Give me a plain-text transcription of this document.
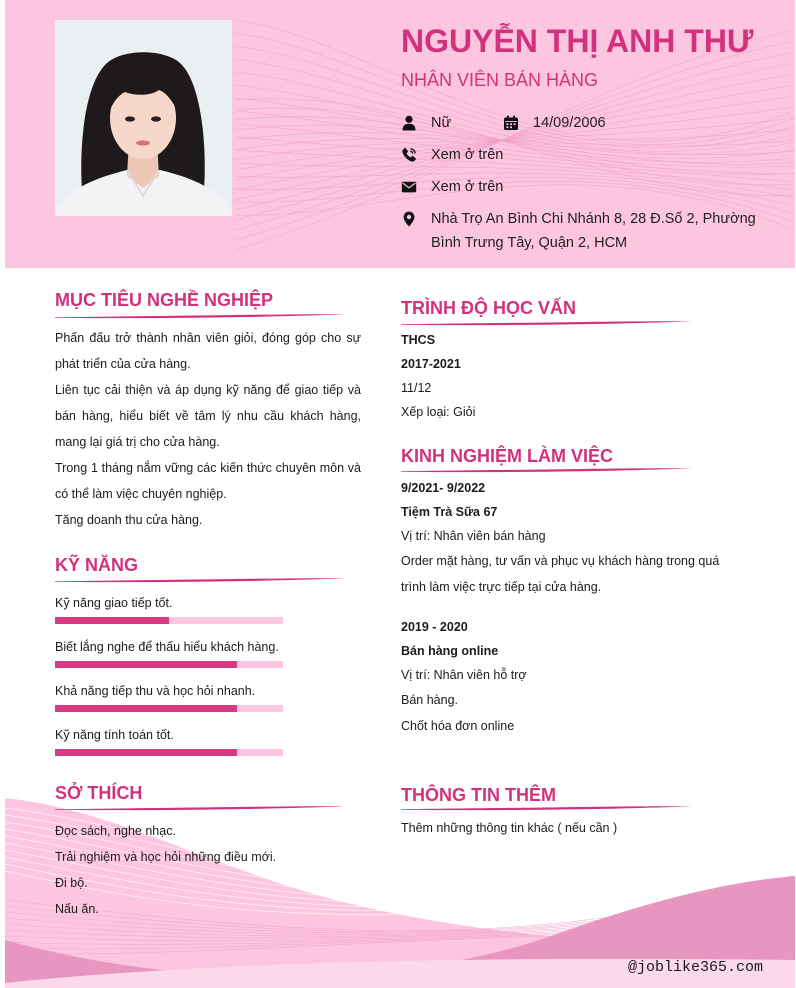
NGUYỄN THỊ ANH THƯ
NHÂN VIÊN BÁN HÀNG
Nữ	14/09/2006
Xem ở trên
Xem ở trên
Nhà Trọ An Bình Chi Nhánh 8, 28 Đ.Số 2, Phường Bình Trưng Tây, Quận 2, HCM
MỤC TIÊU NGHỀ NGHIỆP

Phấn đấu trở thành nhân viên giỏi, đóng góp cho sự phát triển của cửa hàng.

Liên tục cải thiện và áp dụng kỹ năng để giao tiếp và bán hàng, hiểu biết về tâm lý nhu cầu khách hàng, mang lại giá trị cho cửa hàng.

Trong 1 tháng nắm vững các kiến thức chuyên môn và có thể làm việc chuyên nghiệp.

Tăng doanh thu cửa hàng.

KỸ NĂNG
Kỹ năng giao tiếp tốt.
Biết lắng nghe để thấu hiểu khách hàng.
Khả năng tiếp thu và học hỏi nhanh.
Kỹ năng tính toán tốt.
SỞ THÍCH
Đọc sách, nghe nhạc.
Trải nghiệm và học hỏi những điều mới.
Đi bộ.
Nấu ăn.
TRÌNH ĐỘ HỌC VẤN
THCS
2017-2021
11/12
Xếp loại: Giỏi
KINH NGHIỆM LÀM VIỆC
9/2021- 9/2022
Tiệm Trà Sữa 67
Vị trí: Nhân viên bán hàng
Order mặt hàng, tư vấn và phục vụ khách hàng trong quá trình làm việc trực tiếp tại cửa hàng.
2019 - 2020
Bán hàng online
Vị trí: Nhân viên hỗ trợ
Bán hàng.
Chốt hóa đơn online
THÔNG TIN THÊM
Thêm những thông tin khác ( nếu cần )
@joblike365.com
